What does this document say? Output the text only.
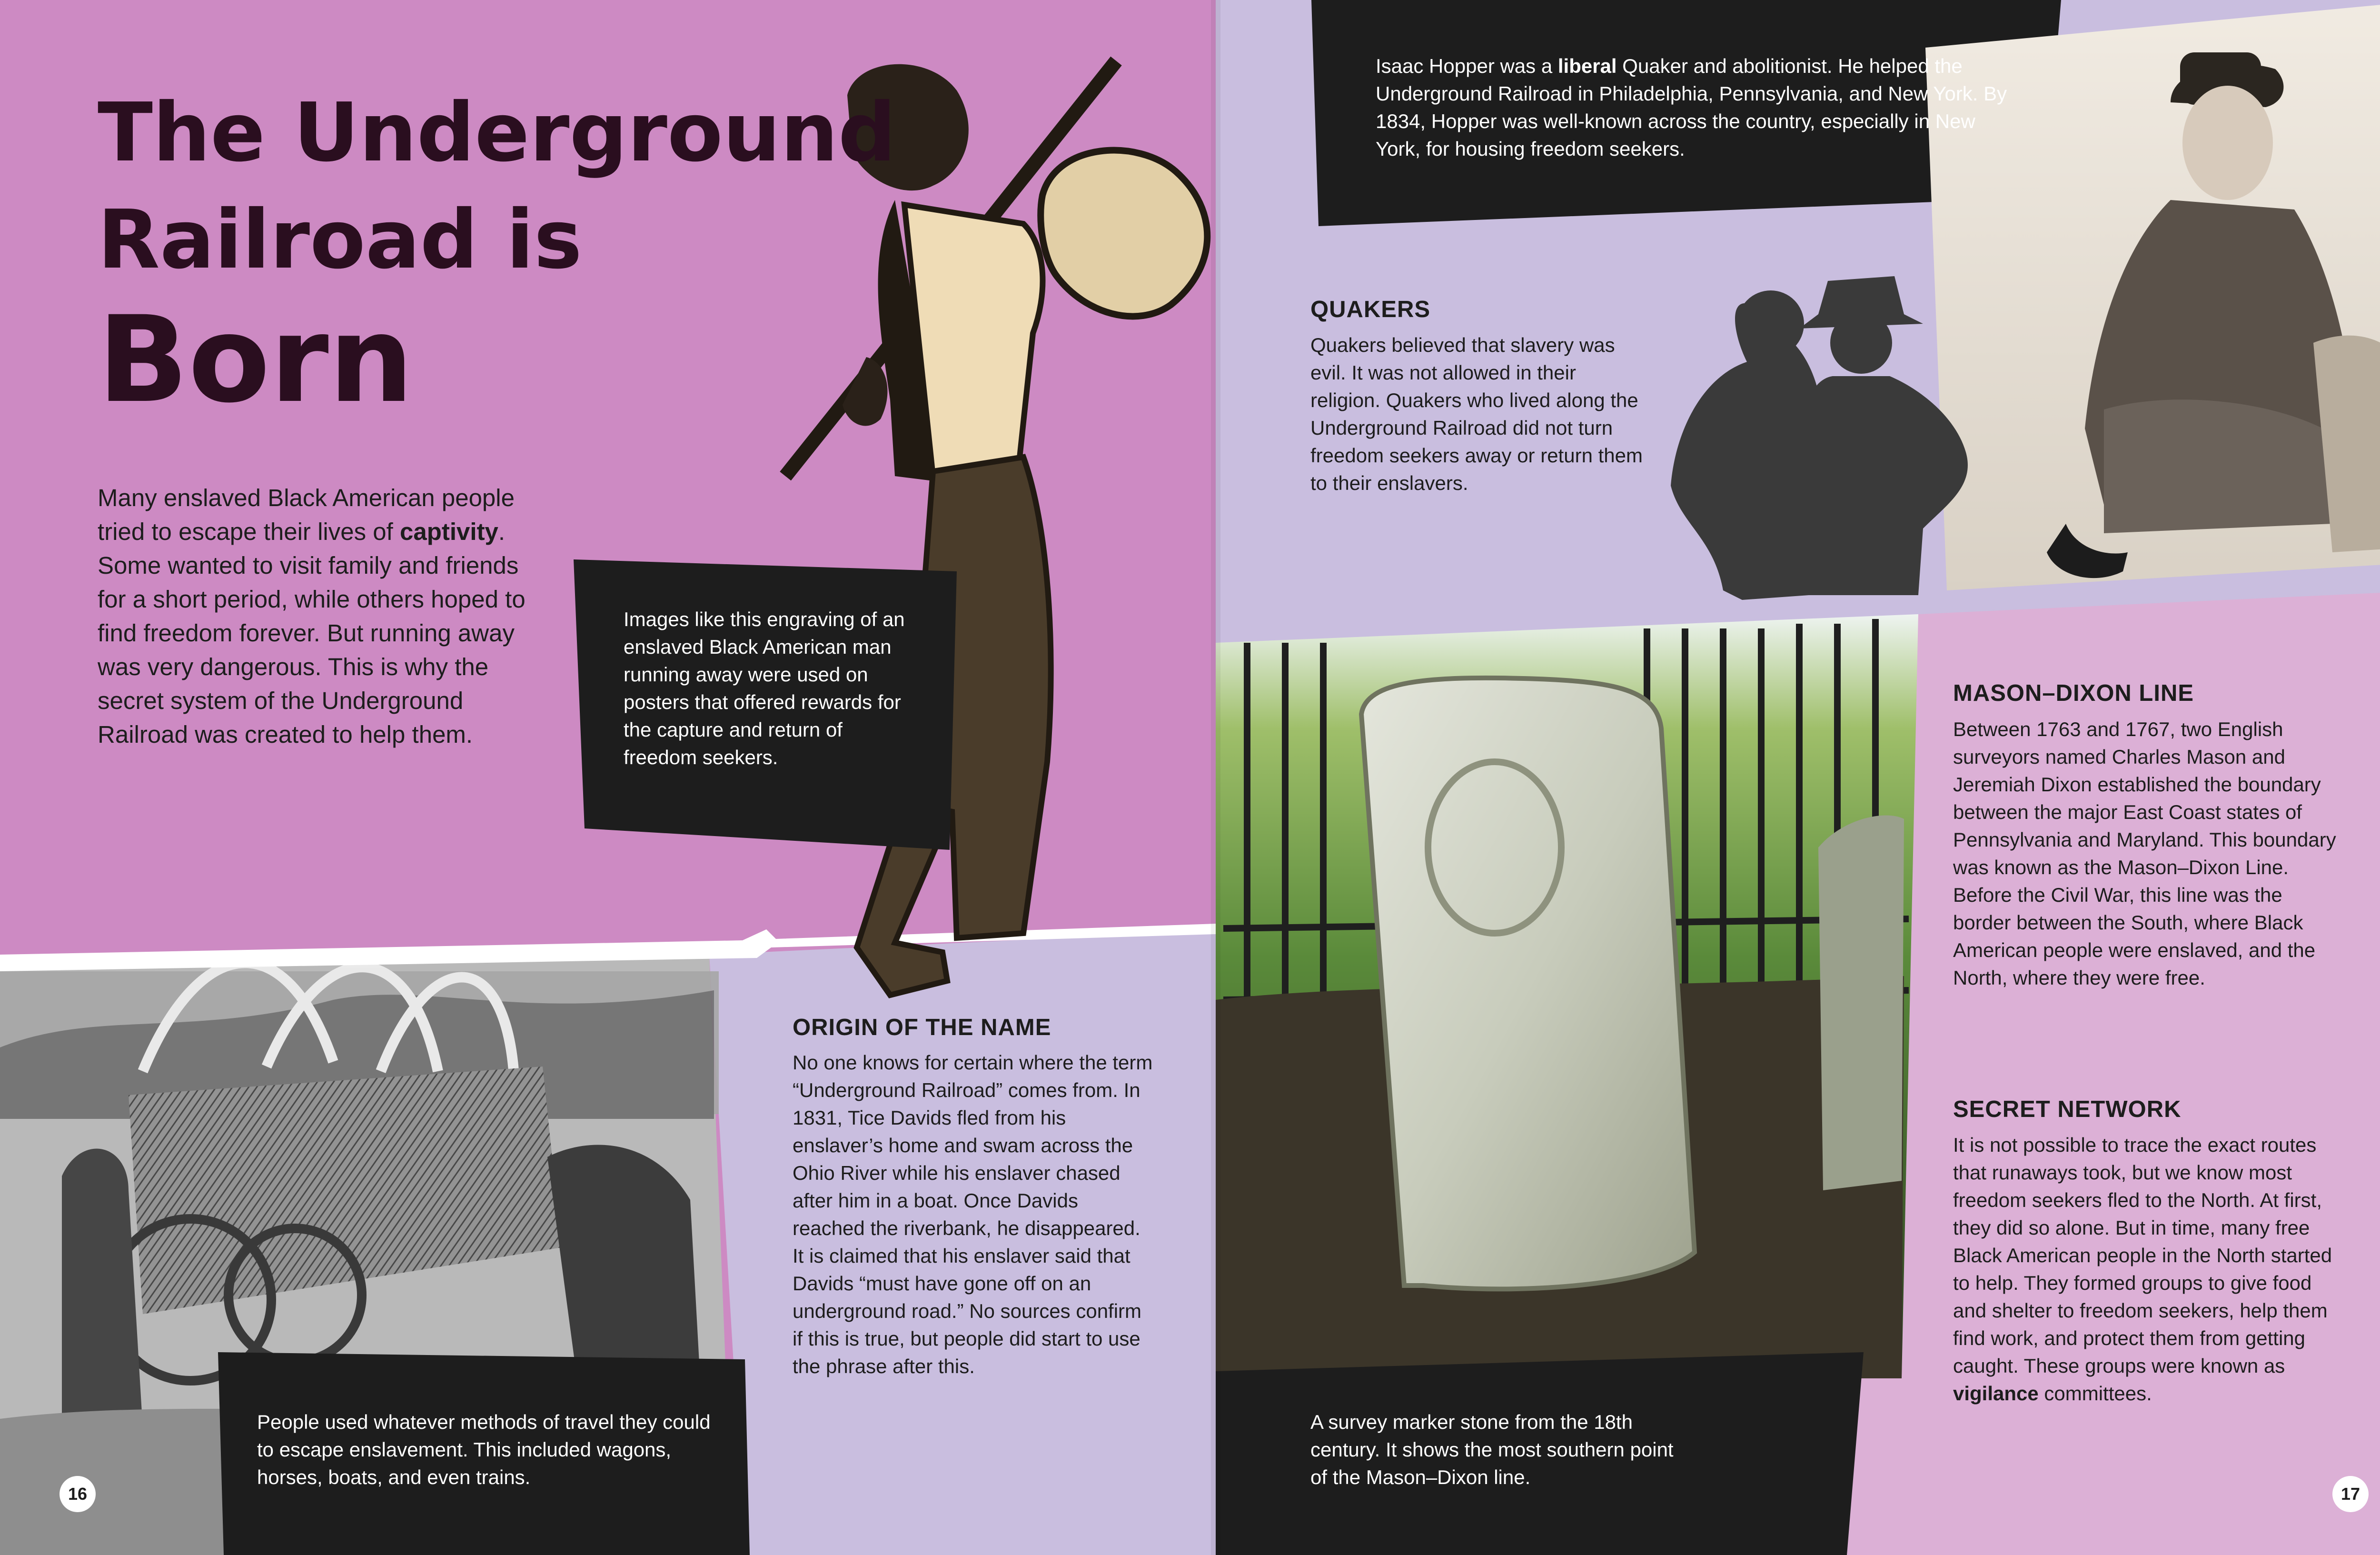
The Underground
Railroad is
Born

Many enslaved Black American people tried to escape their lives of captivity. Some wanted to visit family and friends for a short period, while others hoped to find freedom forever. But running away was very dangerous. This is why the secret system of the Underground Railroad was created to help them.

Images like this engraving of an enslaved Black American man running away were used on posters that offered rewards for the capture and return of freedom seekers.

ORIGIN OF THE NAME

No one knows for certain where the term “Underground Railroad” comes from. In 1831, Tice Davids fled from his enslaver’s home and swam across the Ohio River while his enslaver chased after him in a boat. Once Davids reached the riverbank, he disappeared. It is claimed that his enslaver said that Davids “must have gone off on an underground road.” No sources confirm if this is true, but people did start to use the phrase after this.

People used whatever methods of travel they could to escape enslavement. This included wagons, horses, boats, and even trains.

16	17

Isaac Hopper was a liberal Quaker and abolitionist. He helped the Underground Railroad in Philadelphia, Pennsylvania, and New York. By 1834, Hopper was well-known across the country, especially in New York, for housing freedom seekers.

QUAKERS

Quakers believed that slavery was evil. It was not allowed in their religion. Quakers who lived along the Underground Railroad did not turn freedom seekers away or return them to their enslavers.

MASON–DIXON LINE

Between 1763 and 1767, two English surveyors named Charles Mason and Jeremiah Dixon established the boundary between the major East Coast states of Pennsylvania and Maryland. This boundary was known as the Mason–Dixon Line. Before the Civil War, this line was the border between the South, where Black American people were enslaved, and the North, where they were free.

SECRET NETWORK

It is not possible to trace the exact routes that runaways took, but we know most freedom seekers fled to the North. At first, they did so alone. But in time, many free Black American people in the North started to help. They formed groups to give food and shelter to freedom seekers, help them find work, and protect them from getting caught. These groups were known as vigilance committees.

A survey marker stone from the 18th century. It shows the most southern point of the Mason–Dixon line.
